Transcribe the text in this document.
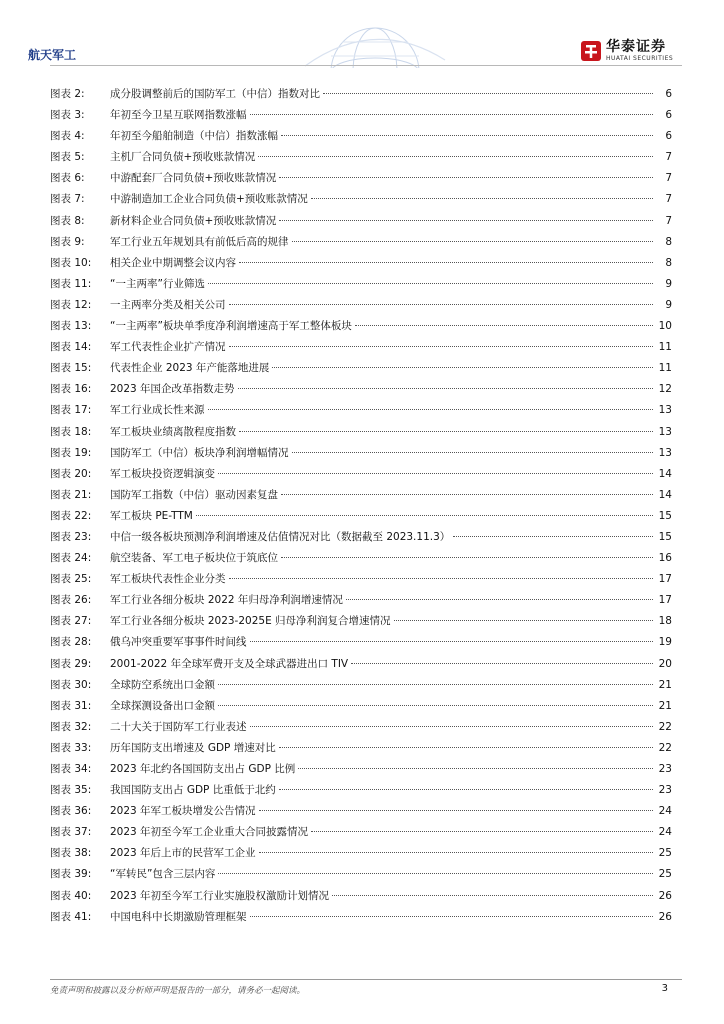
航天军工	华泰证券
HUATAI SECURITIES
图表 2:	成分股调整前后的国防军工（中信）指数对比	6
图表 3:	年初至今卫星互联网指数涨幅	6
图表 4:	年初至今船舶制造（中信）指数涨幅	6
图表 5:	主机厂合同负债+预收账款情况	7
图表 6:	中游配套厂合同负债+预收账款情况	7
图表 7:	中游制造加工企业合同负债+预收账款情况	7
图表 8:	新材料企业合同负债+预收账款情况	7
图表 9:	军工行业五年规划具有前低后高的规律	8
图表 10:	相关企业中期调整会议内容	8
图表 11:	“一主两率”行业筛选	9
图表 12:	一主两率分类及相关公司	9
图表 13:	“一主两率”板块单季度净利润增速高于军工整体板块	10
图表 14:	军工代表性企业扩产情况	11
图表 15:	代表性企业 2023 年产能落地进展	11
图表 16:	2023 年国企改革指数走势	12
图表 17:	军工行业成长性来源	13
图表 18:	军工板块业绩离散程度指数	13
图表 19:	国防军工（中信）板块净利润增幅情况	13
图表 20:	军工板块投资逻辑演变	14
图表 21:	国防军工指数（中信）驱动因素复盘	14
图表 22:	军工板块 PE-TTM	15
图表 23:	中信一级各板块预测净利润增速及估值情况对比（数据截至 2023.11.3）	15
图表 24:	航空装备、军工电子板块位于筑底位	16
图表 25:	军工板块代表性企业分类	17
图表 26:	军工行业各细分板块 2022 年归母净利润增速情况	17
图表 27:	军工行业各细分板块 2023-2025E 归母净利润复合增速情况	18
图表 28:	俄乌冲突重要军事事件时间线	19
图表 29:	2001-2022 年全球军费开支及全球武器进出口 TIV	20
图表 30:	全球防空系统出口金额	21
图表 31:	全球探测设备出口金额	21
图表 32:	二十大关于国防军工行业表述	22
图表 33:	历年国防支出增速及 GDP 增速对比	22
图表 34:	2023 年北约各国国防支出占 GDP 比例	23
图表 35:	我国国防支出占 GDP 比重低于北约	23
图表 36:	2023 年军工板块增发公告情况	24
图表 37:	2023 年初至今军工企业重大合同披露情况	24
图表 38:	2023 年后上市的民营军工企业	25
图表 39:	“军转民”包含三层内容	25
图表 40:	2023 年初至今军工行业实施股权激励计划情况	26
图表 41:	中国电科中长期激励管理框架	26
免责声明和披露以及分析师声明是报告的一部分，请务必一起阅读。	3
